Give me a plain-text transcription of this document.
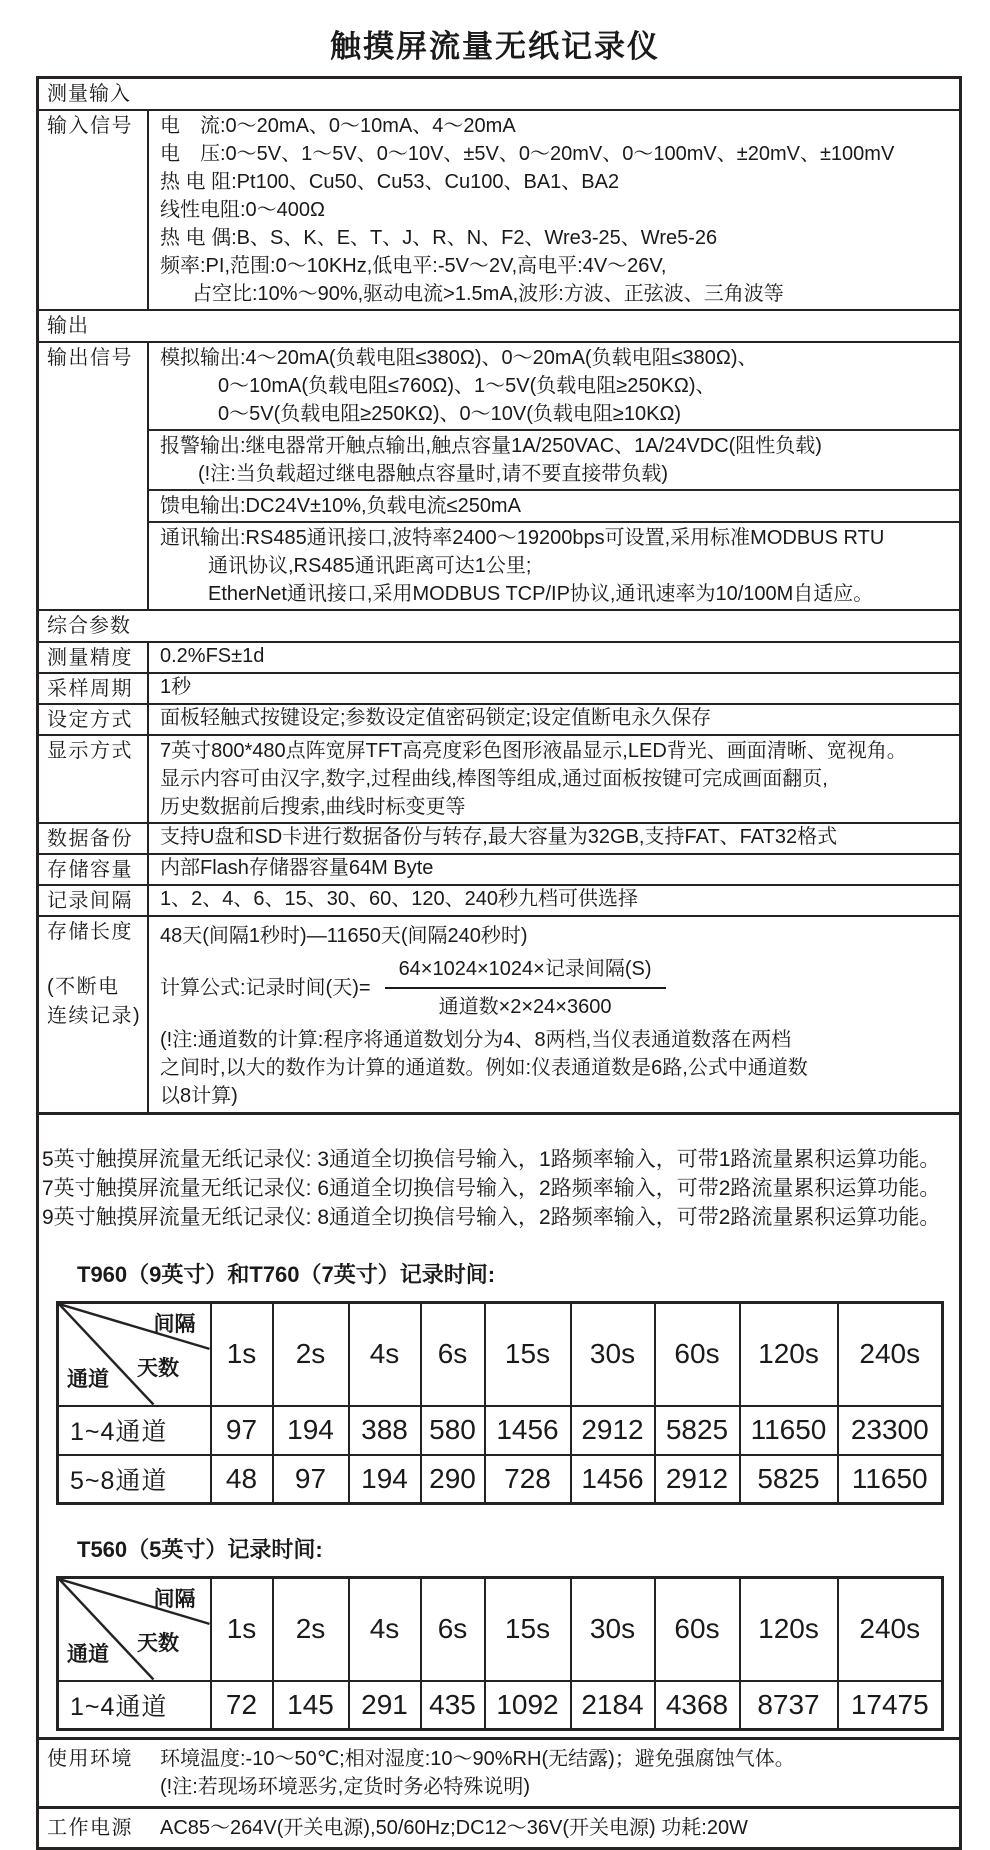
触摸屏流量无纸记录仪
测量输入
输入信号	电　流:0～20mA、0～10mA、4～20mA
电　压:0～5V、1～5V、0～10V、±5V、0～20mV、0～100mV、±20mV、±100mV
热 电 阻:Pt100、Cu50、Cu53、Cu100、BA1、BA2
线性电阻:0～400Ω
热 电 偶:B、S、K、E、T、J、R、N、F2、Wre3-25、Wre5-26
频率:PI,范围:0～10KHz,低电平:-5V～2V,高电平:4V～26V,
占空比:10%～90%,驱动电流>1.5mA,波形:方波、正弦波、三角波等
输出
输出信号	模拟输出:4～20mA(负载电阻≤380Ω)、0～20mA(负载电阻≤380Ω)、
0～10mA(负载电阻≤760Ω)、1～5V(负载电阻≥250KΩ)、
0～5V(负载电阻≥250KΩ)、0～10V(负载电阻≥10KΩ)
报警输出:继电器常开触点输出,触点容量1A/250VAC、1A/24VDC(阻性负载)
(!注:当负载超过继电器触点容量时,请不要直接带负载)
馈电输出:DC24V±10%,负载电流≤250mA
通讯输出:RS485通讯接口,波特率2400～19200bps可设置,采用标准MODBUS RTU
通讯协议,RS485通讯距离可达1公里;
EtherNet通讯接口,采用MODBUS TCP/IP协议,通讯速率为10/100M自适应。
综合参数
测量精度	0.2%FS±1d
采样周期	1秒
设定方式	面板轻触式按键设定;参数设定值密码锁定;设定值断电永久保存
显示方式	7英寸800*480点阵宽屏TFT高亮度彩色图形液晶显示,LED背光、画面清晰、宽视角。
显示内容可由汉字,数字,过程曲线,棒图等组成,通过面板按键可完成画面翻页,
历史数据前后搜索,曲线时标变更等
数据备份	支持U盘和SD卡进行数据备份与转存,最大容量为32GB,支持FAT、FAT32格式
存储容量	内部Flash存储器容量64M Byte
记录间隔	1、2、4、6、15、30、60、120、240秒九档可供选择
存储长度
(不断电
连续记录)
48天(间隔1秒时)—11650天(间隔240秒时)
计算公式:记录时间(天)= $\frac{\text{64×1024×1024×记录间隔(S)}}{\text{通道数×2×24×3600}}$
(!注:通道数的计算:程序将通道数划分为4、8两档,当仪表通道数落在两档
之间时,以大的数作为计算的通道数。例如:仪表通道数是6路,公式中通道数
以8计算)
5英寸触摸屏流量无纸记录仪: 3通道全切换信号输入，1路频率输入，可带1路流量累积运算功能。
7英寸触摸屏流量无纸记录仪: 6通道全切换信号输入，2路频率输入，可带2路流量累积运算功能。
9英寸触摸屏流量无纸记录仪: 8通道全切换信号输入，2路频率输入，可带2路流量累积运算功能。
T960（9英寸）和T760（7英寸）记录时间:
间隔
天数
通道	1s	2s	4s	6s	15s	30s	60s	120s	240s
1~4通道	97	194	388	580	1456	2912	5825	11650	23300
5~8通道	48	97	194	290	728	1456	2912	5825	11650
T560（5英寸）记录时间:
间隔
天数
通道	1s	2s	4s	6s	15s	30s	60s	120s	240s
1~4通道	72	145	291	435	1092	2184	4368	8737	17475
使用环境	环境温度:-10～50℃;相对湿度:10～90%RH(无结露)；避免强腐蚀气体。
(!注:若现场环境恶劣,定货时务必特殊说明)
工作电源	AC85～264V(开关电源),50/60Hz;DC12～36V(开关电源) 功耗:20W
